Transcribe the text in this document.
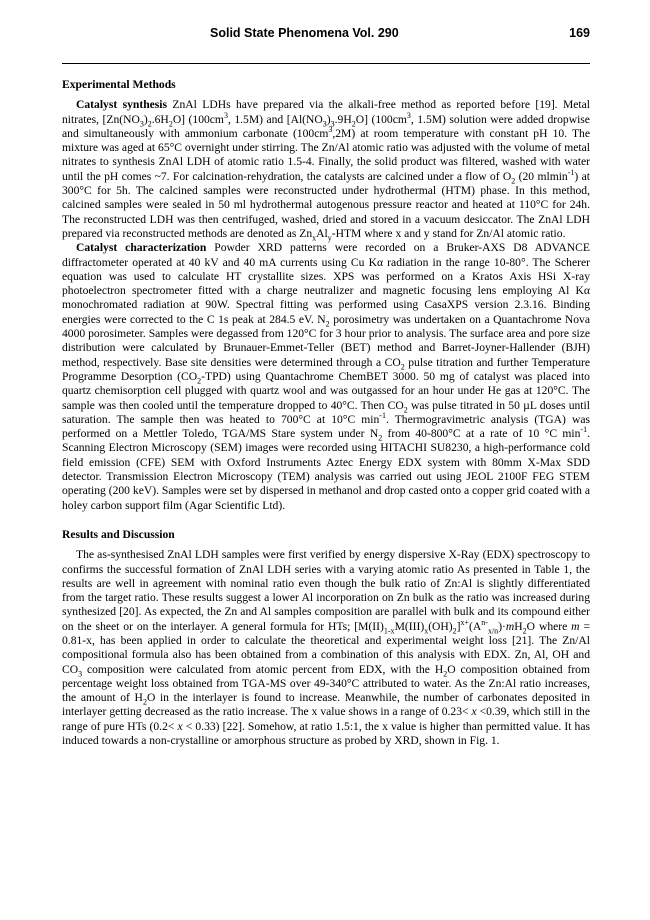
Solid State Phenomena Vol. 290	169
Experimental Methods

Catalyst synthesis ZnAl LDHs have prepared via the alkali-free method as reported before [19]. Metal nitrates, $[Zn(NO_3)_2.6H_2O]$ ($100cm^3$, 1.5M) and $[Al(NO_3)_3.9H_2O]$ ($100cm^3$, 1.5M) solution were added dropwise and simultaneously with ammonium carbonate $(100cm^3,2M)$ at room temperature with constant pH 10. The mixture was aged at 65°C overnight under stirring. The Zn/Al atomic ratio was adjusted with the volume of metal nitrates to synthesis ZnAl LDH of atomic ratio 1.5-4. Finally, the solid product was filtered, washed with water until the pH comes ~7. For calcination-rehydration, the catalysts are calcined under a flow of $O_2$ (20 mlmin$^{-1}$) at 300°C for 5h. The calcined samples were reconstructed under hydrothermal (HTM) phase. In this method, calcined samples were sealed in 50 ml hydrothermal autogenous pressure reactor and heated at 110°C for 24h. The reconstructed LDH was then centrifuged, washed, dried and stored in a vacuum desiccator. The ZnAl LDH prepared via reconstructed methods are denoted as $Zn_xAl_y$-HTM where x and y stand for Zn/Al atomic ratio.

Catalyst characterization Powder XRD patterns were recorded on a Bruker-AXS D8 ADVANCE diffractometer operated at 40 kV and 40 mA currents using Cu Kα radiation in the range 10-80°. The Scherer equation was used to calculate HT crystallite sizes. XPS was performed on a Kratos Axis HSi X-ray photoelectron spectrometer fitted with a charge neutralizer and magnetic focusing lens employing Al Kα monochromated radiation at 90W. Spectral fitting was performed using CasaXPS version 2.3.16. Binding energies were corrected to the C 1s peak at 284.5 eV. $N_2$ porosimetry was undertaken on a Quantachrome Nova 4000 porosimeter. Samples were degassed from 120°C for 3 hour prior to analysis. The surface area and pore size distribution were calculated by Brunauer-Emmet-Teller (BET) method and Barret-Joyner-Hallender (BJH) method, respectively. Base site densities were determined through a $CO_2$ pulse titration and further Temperature Programme Desorption $(CO_2-TPD)$ using Quantachrome ChemBET 3000. 50 mg of catalyst was placed into quartz chemisorption cell plugged with quartz wool and was outgassed for an hour under He gas at 120°C. The sample was then cooled until the temperature dropped to 40°C. Then $CO_2$ was pulse titrated in 50 µL doses until saturation. The sample then was heated to 700°C at 10°C $\min^{-1}$. Thermogravimetric analysis (TGA) was performed on a Mettler Toledo, TGA/MS Stare system under $N_2$ from 40-800°C at a rate of 10 °C $\min^{-1}$. Scanning Electron Microscopy (SEM) images were recorded using HITACHI SU8230, a high-performance cold field emission (CFE) SEM with Oxford Instruments Aztec Energy EDX system with 80mm X-Max SDD detector. Transmission Electron Microscopy (TEM) analysis was carried out using JEOL 2100F FEG STEM operating (200 keV). Samples were set by dispersed in methanol and drop casted onto a copper grid coated with a holey carbon support film (Agar Scientific Ltd).

Results and Discussion

The as-synthesised ZnAl LDH samples were first verified by energy dispersive X-Ray (EDX) spectroscopy to confirms the successful formation of ZnAl LDH series with a varying atomic ratio As presented in Table 1, the results are well in agreement with nominal ratio even though the bulk ratio of Zn:Al is slightly differentiated from the target ratio. These results suggest a lower Al incorporation on Zn bulk as the ratio was increased during synthesized [20]. As expected, the Zn and Al samples composition are parallel with bulk and its compound either on the sheet or on the interlayer. A general formula for HTs; $[M(II)_{1-x}M(III)_x(OH)_2]^{x+}(A^{n-}_{x/n})\cdot mH_2O$ where m = 0.81-x, has been applied in order to calculate the theoretical and experimental weight loss [21]. The Zn/Al compositional formula also has been obtained from a combination of this analysis with EDX. Zn, Al, OH and $CO_3$ composition were calculated from atomic percent from EDX, with the $H_2O$ composition obtained from percentage weight loss obtained from TGA-MS over 49-340°C attributed to water. As the Zn:Al ratio increases, the amount of $H_2O$ in the interlayer is found to increase. Meanwhile, the number of carbonates deposited in interlayer getting decreased as the ratio increase. The x value shows in a range of 0.23< x <0.39, which still in the range of pure HTs (0.2< x < 0.33) [22]. Somehow, at ratio 1.5:1, the x value is higher than permitted value. It has induced towards a non-crystalline or amorphous structure as probed by XRD, shown in Fig. 1.
